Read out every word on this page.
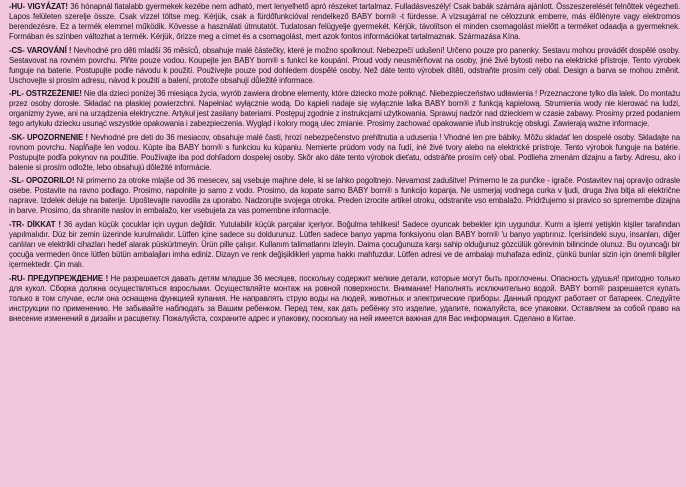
-HU- VIGYÁZAT! 36 hónapnál fiatalabb gyermekek kezébe nem adható, mert lenyelhető apró részeket tartalmaz. Fulladásveszély! Csak babák számára ajánlott. Összeszerelését felnőttek végezheti. Lapos felületen szerelje össze. Csak vízzel töltse meg. Kérjük, csak a fürdőfunkcióval rendelkező BABY born® -t fürdesse. A vízsugárral ne célozzunk emberre, más élőlényre vagy elektromos berendezésre. Ez a termék elemmel működik. Kövesse a használati útmutatót. Tudatosan felügyelje gyermekét. Kérjük, távolítson el minden csomagolást mielőtt a terméket odaadja a gyermeknek. Formában és színben változhat a termék. Kérjük, őrizze meg a címet és a csomagolást, mert azok fontos információkat tartalmaznak. Származása Kína.

-CS- VAROVÁNÍ ! Nevhodné pro děti mladší 36 měsíců, obsahuje malé částečky, které je možno spolknout. Nebezpečí udušení! Určeno pouze pro panenky. Sestavu mohou provádět dospělé osoby. Sestavovat na rovném povrchu. Plňte pouze vodou. Koupejte jen BABY born® s funkcí ke koupání. Proud vody neusměrňovat na osoby, jiné živé bytosti nebo na elektrické přístroje. Tento výrobek funguje na baterie. Postupujte podle návodu k použití. Používejte pouze pod dohledem dospělé osoby. Než dáte tento výrobek dítěti, odstraňte prosím celý obal. Design a barva se mohou změnit. Uschovejte si prosím adresu, návod k použití a balení, protože obsahují důležité informace.

-PL- OSTRZEŻENIE! Nie dla dzieci poniżej 36 miesiąca życia, wyrób zawiera drobne elementy, które dziecko może połknąć. Niebezpieczeństwo udławienia ! Przeznaczone tylko dla lalek. Do montażu przez osoby dorosłe. Składać na płaskiej powierzchni. Napełniać wyłącznie wodą. Do kąpieli nadaje się wyłącznie lalka BABY born® z funkcją kąpielową. Strumienia wody nie kierować na ludzi, organizmy żywe, ani na urządzenia elektryczne. Artykuł jest zasilany bateriami. Postępuj zgodnie z instrukcjami użytkowania. Sprawuj nadzór nad dzieckiem w czasie zabawy. Prosimy przed podaniem tego artykułu dziecku usunąć wszystkie opakowania i zabezpieczenia. Wygląd i kolory mogą ulec zmianie. Prosimy zachować opakowanie i/lub instrukcję obsługi. Zawierają ważne informacje.

-SK- UPOZORNENIE ! Nevhodné pre deti do 36 mesiacov, obsahuje malé časti, hrozí nebezpečenstvo prehltnutia a udusenia ! Vhodné len pre bábiky. Môžu skladať len dospelé osoby. Skladajte na rovnom povrchu. Napĺňajte len vodou. Kúpte iba BABY born® s funkciou ku kúpaniu. Nemierte prúdom vody na ľudí, iné živé tvory alebo na elektrické prístroje. Tento výrobok funguje na batérie. Postupujte podľa pokynov na použitie. Používajte iba pod dohľadom dospelej osoby. Skôr ako dáte tento výrobok dieťatu, odstráňte prosím celý obal. Podlieha zmenám dizajnu a farby. Adresu, ako i balenie si prosím odložte, lebo obsahujú dôležité informácie.

-SL- OPOZORILO! Ni primerno za otroke mlajše od 36 mesecev, saj vsebuje majhne dele, ki se lahko pogoltnejo. Nevarnost zadušitve! Primerno le za punčke - igrače. Postavitev naj opravijo odrasle osebe. Postavite na ravno podlago. Prosimo, napolnite jo samo z vodo. Prosimo, da kopate samo BABY born® s funkcijo kopanja. Ne usmerjaj vodnega curka v ljudi, druga živa bitja ali električne naprave. Izdelek deluje na baterije. Upoštevajte navodila za uporabo. Nadzorujte svojega otroka. Preden izrocite artikel otroku, odstranite vso embalažo. Pridržujemo si pravico so spremembe dizajna in barve. Prosimo, da shranite naslov in embalažo, ker vsebujeta za vas pomembne informacije.

-TR- DİKKAT ! 36 aydan küçük çocuklar için uygun değildir. Yutulabilir küçük parçalar içeriyor. Boğulma tehlikesi! Sadece oyuncak bebekler için uygundur. Kurm a işlemi yetişkin kişiler tarafından yapılmalıdır. Düz bir zemin üzerinde kurulmalıdır. Lütfen içine sadece su doldurunuz. Lütfen sadece banyo yapma fonksiyonu olan BABY born® 'u banyo yaptırınız. İçerisindeki suyu, insanları, diğer canlıları ve elektrikli cihazları hedef alarak püskürtmeyin. Ürün pille çalışır. Kullanım talimatlarını izleyin. Daima çocuğunuza karşı sahip olduğunuz gözcülük görevinin bilincinde olunuz. Bu oyuncağı bir çocuğa vermeden önce lütfen bütün ambalajları imha ediniz. Dizayn ve renk değişiklikleri yapma hakkı mahfuzdur. Lütfen adresi ve de ambalajı muhafaza ediniz, çünkü bunlar sizin için önemli bilgiler içermektedir. Çin malı.

-RU- ПРЕДУПРЕЖДЕНИЕ ! Не разрешается давать детям младше 36 месяцев, поскольку содержит мелкие детали, которые могут быть проглочены. Опасность удушья! пригодно только для кукол. Сборка должна осуществляться взрослыми. Осуществляйте монтаж на ровной поверхности. Внимание! Наполнять исключительно водой. BABY born® разрешается купать только в том случае, если она оснащена функцией купания. Не направлять струю воды на людей, животных и электрические приборы. Данный продукт работает от батареек. Следуйте инструкции по применению. Не забывайте наблюдать за Вашим ребенком. Перед тем, как дать ребёнку это изделие, удалите, пожалуйста, все упаковки. Оставляем за собой право на внесение изменений в дизайн и расцветку. Пожалуйста, сохраните адрес и упаковку, поскольку на ней имеется важная для Вас информация. Сделано в Китае.
